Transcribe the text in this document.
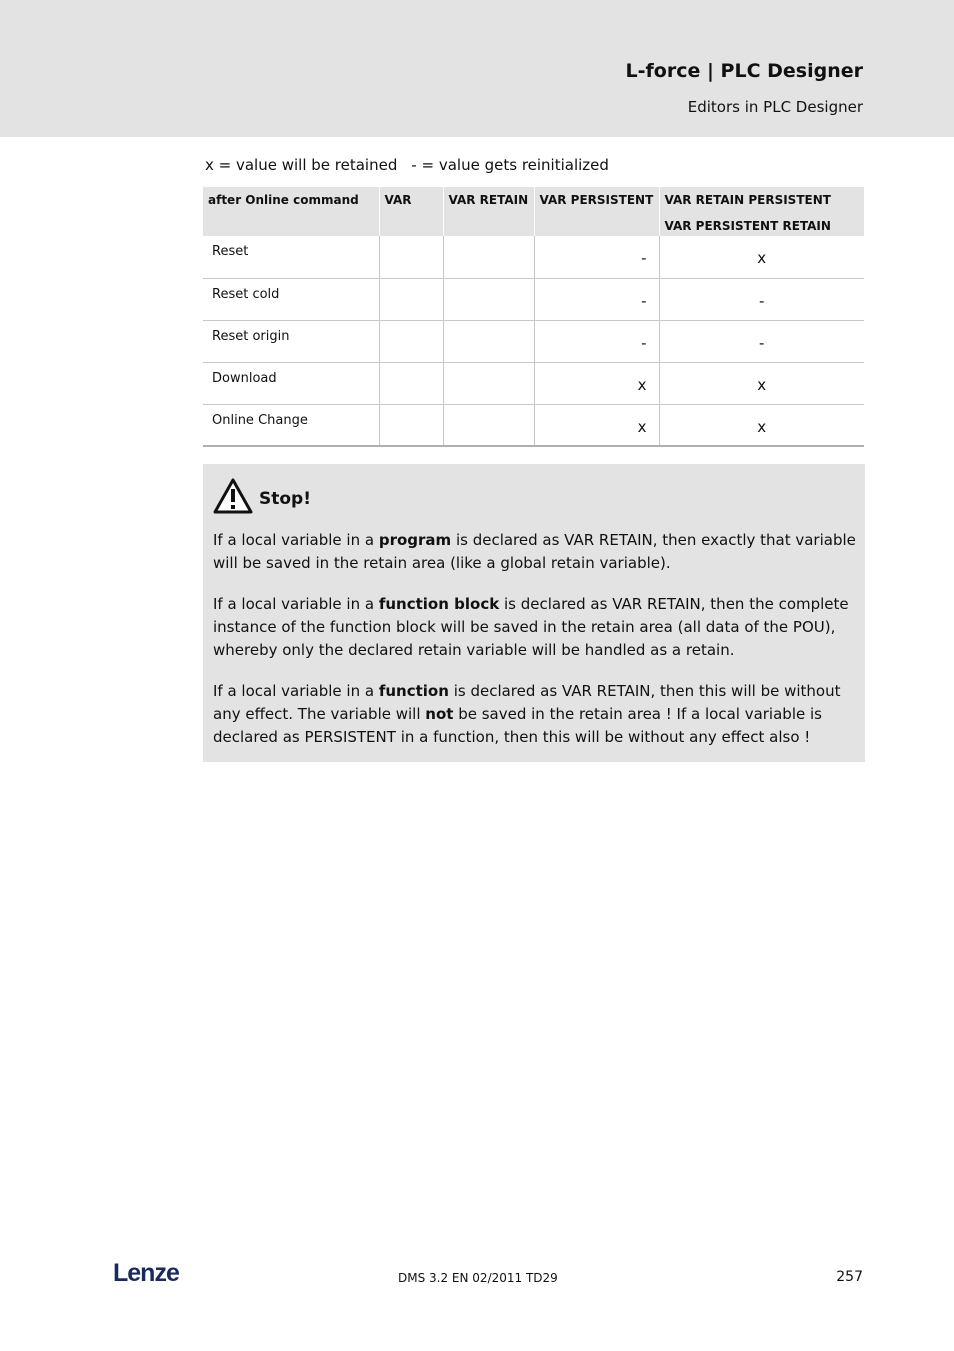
L-force | PLC Designer
Editors in PLC Designer
x = value will be retained - = value gets reinitialized
after Online command	VAR	VAR RETAIN	VAR PERSISTENT	VAR RETAIN PERSISTENT
VAR PERSISTENT RETAIN

Reset			-	x
Reset cold			-	-
Reset origin			-	-
Download			x	x
Online Change			x	x
Stop!

If a local variable in a program is declared as VAR RETAIN, then exactly that variable will be saved in the retain area (like a global retain variable).

If a local variable in a function block is declared as VAR RETAIN, then the complete instance of the function block will be saved in the retain area (all data of the POU), whereby only the declared retain variable will be handled as a retain.

If a local variable in a function is declared as VAR RETAIN, then this will be without any effect. The variable will not be saved in the retain area ! If a local variable is declared as PERSISTENT in a function, then this will be without any effect also !

Lenze	DMS 3.2 EN 02/2011 TD29	257
